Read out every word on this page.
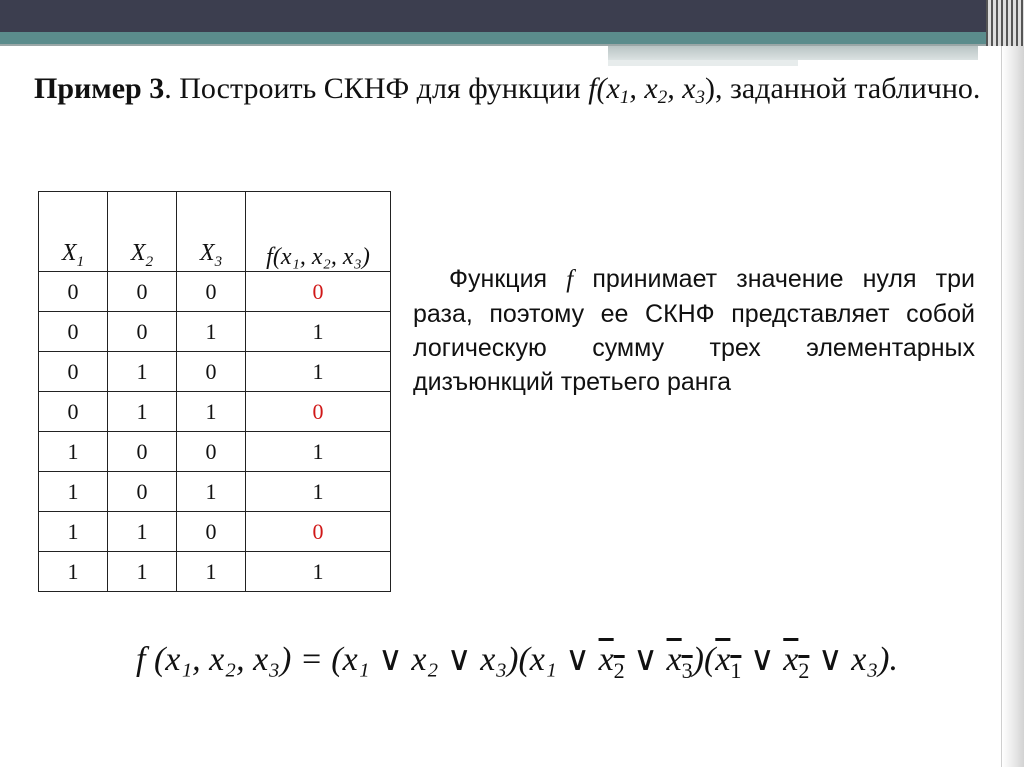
Пример 3. Построить СКНФ для функции $f(x_1$, $x_2$, $x_3$), заданной таблично.
$X_1$	$X_2$	$X_3$	f(x₁, x₂, x₃)
0	0	0	0
0	0	1	1
0	1	0	1
0	1	1	0
1	0	0	1
1	0	1	1
1	1	0	0
1	1	1	1
Функция f принимает значение нуля три раза, поэтому ее СКНФ представляет собой логическую сумму трех элементарных дизъюнкций третьего ранга
f (x₁, x₂, x₃) = (x₁ ∨ x₂ ∨ x₃)(x₁ ∨ $x_2$ ∨ $x_3)(x_1$ ∨ $x_2$ ∨ x₃).
